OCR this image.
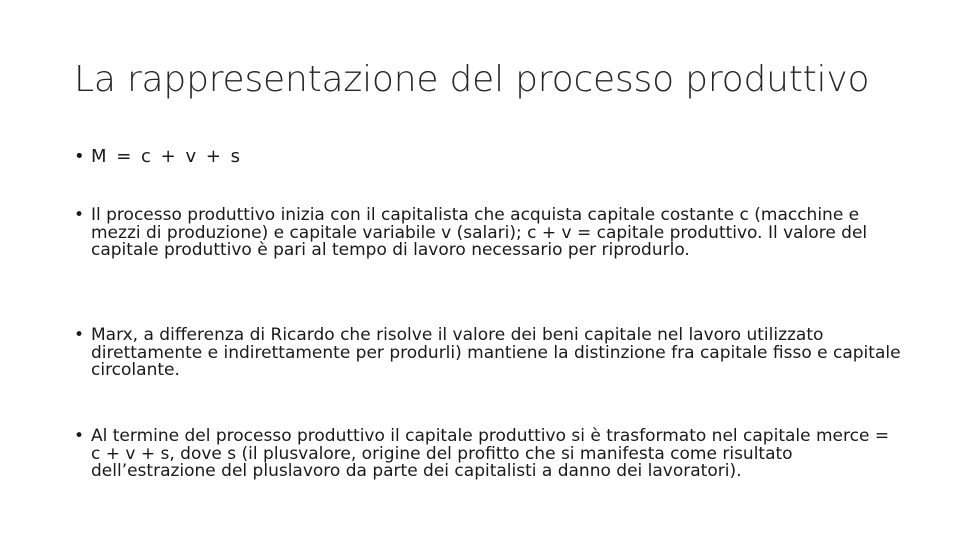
La rappresentazione del processo produttivo
• M = c + v + s
• Il processo produttivo inizia con il capitalista che acquista capitale costante c (macchine e mezzi di produzione) e capitale variabile v (salari); c + v = capitale produttivo. Il valore del capitale produttivo è pari al tempo di lavoro necessario per riprodurlo.
• Marx, a differenza di Ricardo che risolve il valore dei beni capitale nel lavoro utilizzato direttamente e indirettamente per produrli) mantiene la distinzione fra capitale fisso e capitale circolante.
• Al termine del processo produttivo il capitale produttivo si è trasformato nel capitale merce = c + v + s, dove s (il plusvalore, origine del profitto che si manifesta come risultato dell’estrazione del pluslavoro da parte dei capitalisti a danno dei lavoratori).
